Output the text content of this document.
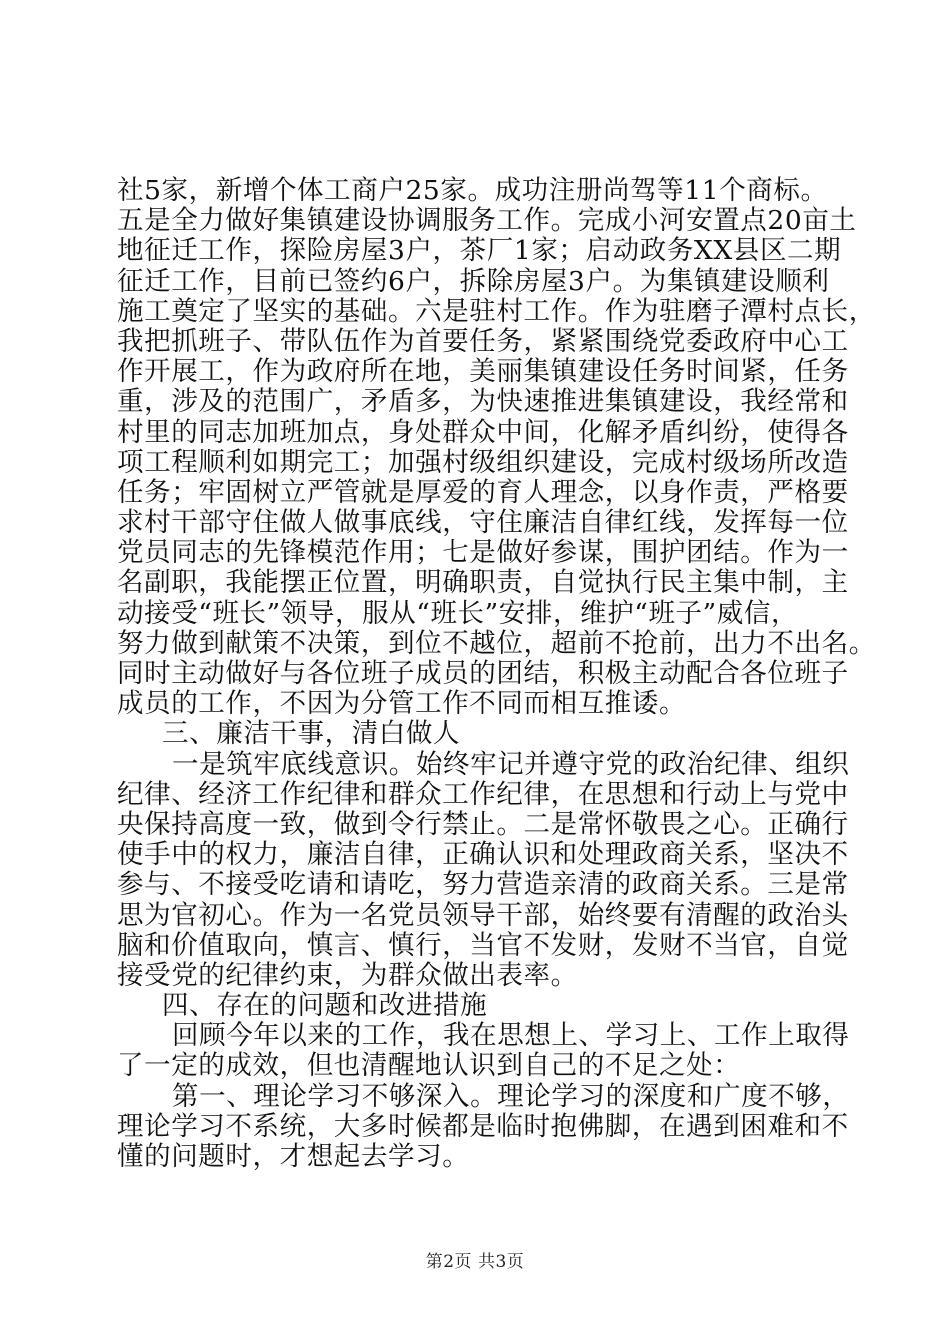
社5家，新增个体工商户25家。成功注册尚驾等11个商标。
五是全力做好集镇建设协调服务工作。完成小河安置点20亩土
地征迁工作，探险房屋3户，茶厂1家；启动政务XX县区二期
征迁工作，目前已签约6户，拆除房屋3户。为集镇建设顺利
施工奠定了坚实的基础。六是驻村工作。作为驻磨子潭村点长，
我把抓班子、带队伍作为首要任务，紧紧围绕党委政府中心工
作开展工，作为政府所在地，美丽集镇建设任务时间紧，任务
重，涉及的范围广，矛盾多，为快速推进集镇建设，我经常和
村里的同志加班加点，身处群众中间，化解矛盾纠纷，使得各
项工程顺利如期完工；加强村级组织建设，完成村级场所改造
任务；牢固树立严管就是厚爱的育人理念，以身作责，严格要
求村干部守住做人做事底线，守住廉洁自律红线，发挥每一位
党员同志的先锋模范作用；七是做好参谋，围护团结。作为一
名副职，我能摆正位置，明确职责，自觉执行民主集中制，主
动接受“班长”领导，服从“班长”安排，维护“班子”威信，
努力做到献策不决策，到位不越位，超前不抢前，出力不出名。
同时主动做好与各位班子成员的团结，积极主动配合各位班子
成员的工作，不因为分管工作不同而相互推诿。
三、廉洁干事，清白做人
一是筑牢底线意识。始终牢记并遵守党的政治纪律、组织
纪律、经济工作纪律和群众工作纪律，在思想和行动上与党中
央保持高度一致，做到令行禁止。二是常怀敬畏之心。正确行
使手中的权力，廉洁自律，正确认识和处理政商关系，坚决不
参与、不接受吃请和请吃，努力营造亲清的政商关系。三是常
思为官初心。作为一名党员领导干部，始终要有清醒的政治头
脑和价值取向，慎言、慎行，当官不发财，发财不当官，自觉
接受党的纪律约束，为群众做出表率。
四、存在的问题和改进措施
回顾今年以来的工作，我在思想上、学习上、工作上取得
了一定的成效，但也清醒地认识到自己的不足之处：
第一、理论学习不够深入。理论学习的深度和广度不够，
理论学习不系统，大多时候都是临时抱佛脚，在遇到困难和不
懂的问题时，才想起去学习。
第2页 共3页
